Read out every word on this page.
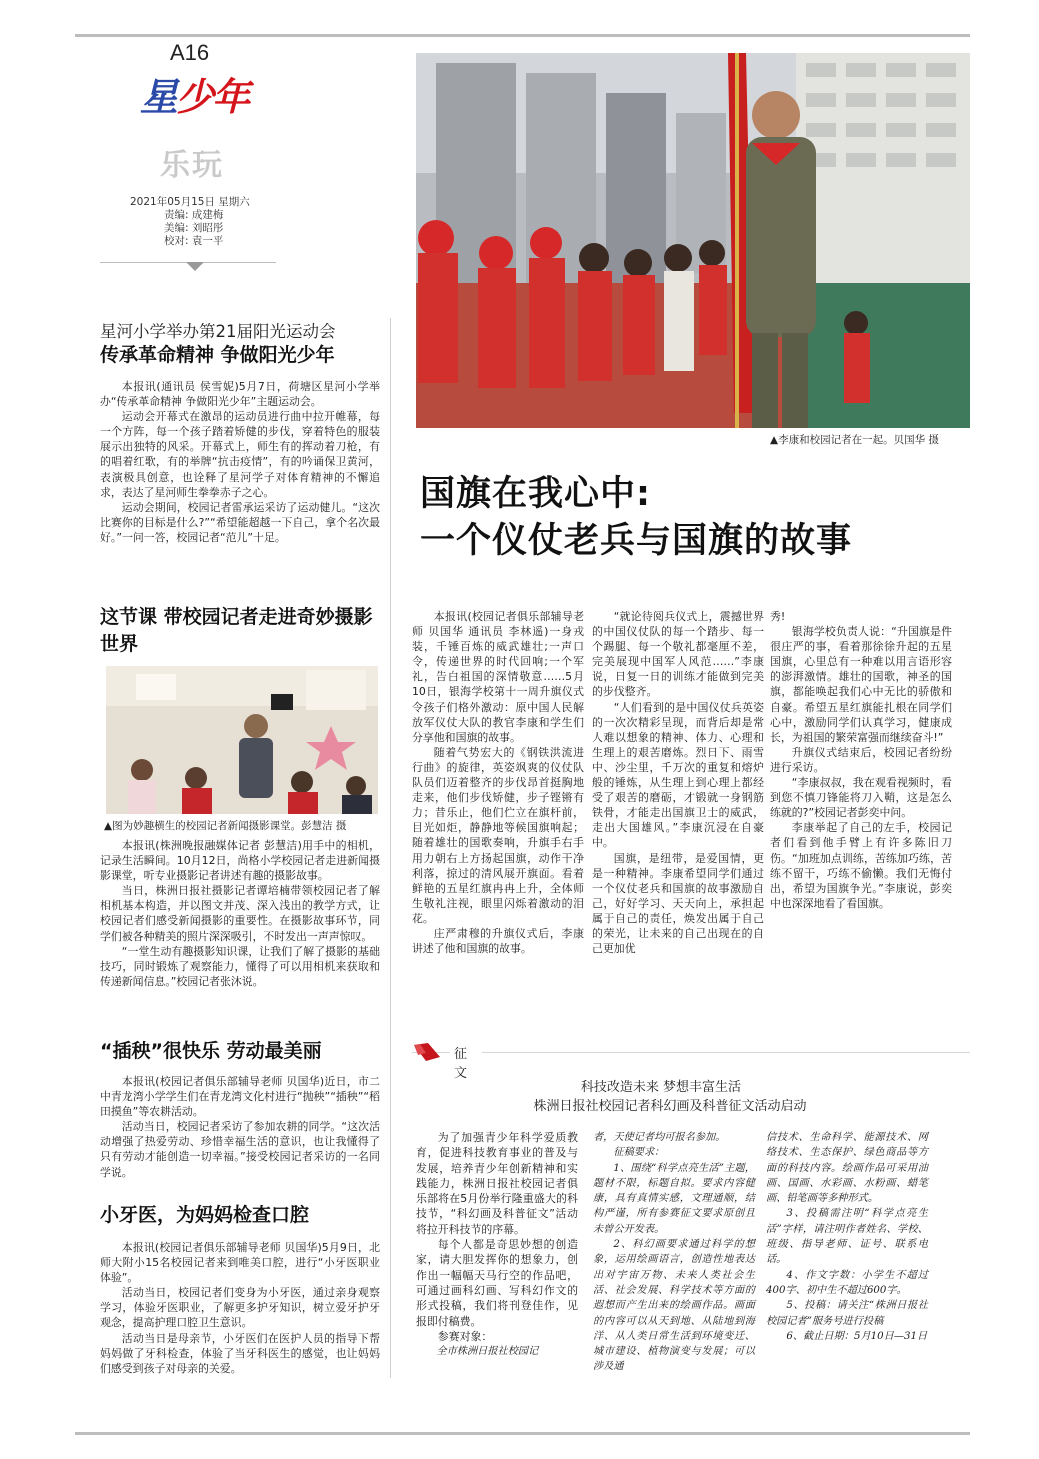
A16
星少年
乐玩
2021年05月15日 星期六
责编: 成建梅
美编: 刘昭彤
校对: 袁一平
星河小学举办第21届阳光运动会
传承革命精神 争做阳光少年

本报讯(通讯员 侯雪妮)5月7日，荷塘区星河小学举办“传承革命精神 争做阳光少年”主题运动会。

运动会开幕式在激昂的运动员进行曲中拉开帷幕，每一个方阵，每一个孩子踏着矫健的步伐，穿着特色的服装展示出独特的风采。开幕式上，师生有的挥动着刀枪，有的唱着红歌，有的举牌“抗击疫情”，有的吟诵保卫黄河，表演极具创意，也诠释了星河学子对体育精神的不懈追求，表达了星河师生拳拳赤子之心。

运动会期间，校园记者雷承运采访了运动健儿。“这次比赛你的目标是什么?”“希望能超越一下自己，拿个名次最好。”一问一答，校园记者“范儿”十足。

这节课 带校园记者走进奇妙摄影世界
▲图为妙趣横生的校园记者新闻摄影课堂。彭慧洁 摄

本报讯(株洲晚报融媒体记者 彭慧洁)用手中的相机，记录生活瞬间。10月12日，尚格小学校园记者走进新闻摄影课堂，听专业摄影记者讲述有趣的摄影故事。

当日，株洲日报社摄影记者谭培楠带领校园记者了解相机基本构造，并以图文并茂、深入浅出的教学方式，让校园记者们感受新闻摄影的重要性。在摄影故事环节，同学们被各种精美的照片深深吸引，不时发出一声声惊叹。

“一堂生动有趣摄影知识课，让我们了解了摄影的基础技巧，同时锻炼了观察能力，懂得了可以用相机来获取和传递新闻信息。”校园记者张沐说。

“插秧”很快乐 劳动最美丽

本报讯(校园记者俱乐部辅导老师 贝国华)近日，市二中青龙湾小学学生们在青龙湾文化村进行“抛秧”“插秧”“稻田摸鱼”等农耕活动。

活动当日，校园记者采访了参加农耕的同学。“这次活动增强了热爱劳动、珍惜幸福生活的意识，也让我懂得了只有劳动才能创造一切幸福。”接受校园记者采访的一名同学说。

小牙医，为妈妈检查口腔

本报讯(校园记者俱乐部辅导老师 贝国华)5月9日，北师大附小15名校园记者来到唯美口腔，进行“小牙医职业体验”。

活动当日，校园记者们变身为小牙医，通过亲身观察学习，体验牙医职业，了解更多护牙知识，树立爱牙护牙观念，提高护理口腔卫生意识。

活动当日是母亲节，小牙医们在医护人员的指导下帮妈妈做了牙科检查，体验了当牙科医生的感觉，也让妈妈们感受到孩子对母亲的关爱。

▲李康和校园记者在一起。贝国华 摄
国旗在我心中:
一个仪仗老兵与国旗的故事

本报讯(校园记者俱乐部辅导老师 贝国华 通讯员 李林遥)一身戎装，千锤百炼的威武雄壮;一声口令，传递世界的时代回响;一个军礼，告白祖国的深情敬意……5月10日，银海学校第十一周升旗仪式令孩子们格外激动：原中国人民解放军仪仗大队的教官李康和学生们分享他和国旗的故事。

随着气势宏大的《钢铁洪流进行曲》的旋律，英姿飒爽的仪仗队队员们迈着整齐的步伐昂首挺胸地走来，他们步伐矫健，步子铿锵有力；昔乐止，他们伫立在旗杆前，目光如炬，静静地等候国旗响起；随着雄壮的国歌奏响，升旗手右手用力朝右上方扬起国旗，动作干净利落，掠过的清风展开旗面。看着鲜艳的五星红旗冉冉上升，全体师生敬礼注视，眼里闪烁着激动的泪花。

庄严肃穆的升旗仪式后，李康讲述了他和国旗的故事。

“就论待阅兵仪式上，震撼世界的中国仪仗队的每一个踏步、每一个踢腿、每一个敬礼都毫厘不差，完美展现中国军人风范……”李康说，日复一日的训练才能做到完美的步伐整齐。

“人们看到的是中国仪仗兵英姿的一次次精彩呈现，而背后却是常人难以想象的精神、体力、心理和生理上的艰苦磨炼。烈日下、雨雪中、沙尘里，千万次的重复和熔炉般的锤炼，从生理上到心理上都经受了艰苦的磨砺，才锻就一身钢筋铁骨，才能走出国旗卫士的威武，走出大国雄风。”李康沉浸在自豪中。

国旗，是纽带，是爱国情，更是一种精神。李康希望同学们通过一个仪仗老兵和国旗的故事激励自己，好好学习、天天向上，承担起属于自己的责任，焕发出属于自己的荣光，让未来的自己出现在的自己更加优

秀!

银海学校负责人说：“升国旗是件很庄严的事，看着那徐徐升起的五星国旗，心里总有一种难以用言语形容的澎湃激情。雄壮的国歌，神圣的国旗，都能唤起我们心中无比的骄傲和自豪。希望五星红旗能扎根在同学们心中，激励同学们认真学习，健康成长，为祖国的繁荣富强而继续奋斗!”

升旗仪式结束后，校园记者纷纷进行采访。

“李康叔叔，我在观看视频时，看到您不慎刀锋能将刀入鞘，这是怎么练就的?”校园记者彭奕中问。

李康举起了自己的左手，校园记者们看到他手臂上有许多陈旧刀伤。“加班加点训练，苦练加巧练，苦练不留干，巧练不偷懒。我们无悔付出，希望为国旗争光。”李康说，彭奕中也深深地看了看国旗。

征文
科技改造未来 梦想丰富生活
株洲日报社校园记者科幻画及科普征文活动启动

为了加强青少年科学爱质教育，促进科技教育事业的普及与发展，培养青少年创新精神和实践能力，株洲日报社校园记者俱乐部将在5月份举行隆重盛大的科技节，“科幻画及科普征文”活动将拉开科技节的序幕。

每个人都是奇思妙想的创造家，请大胆发挥你的想象力，创作出一幅幅天马行空的作品吧，可通过画科幻画、写科幻作文的形式投稿，我们将刊登佳作，见报即付稿费。

参赛对象：

全市株洲日报社校园记

者，天使记者均可报名参加。

征稿要求：

1、围绕“科学点亮生活”主题，题材不限，标题自拟。要求内容健康，具有真情实感，文理通顺，结构严谨，所有参赛征文要求原创且未曾公开发表。

2、科幻画要求通过科学的想象，运用绘画语言，创造性地表达出对宇宙万物、未来人类社会生活、社会发展、科学技术等方面的遐想而产生出来的绘画作品。画面的内容可以从天到地、从陆地到海洋、从人类日常生活到环境变迁、城市建设、植物演变与发展；可以涉及通

信技术、生命科学、能源技术、网络技术、生态保护、绿色商品等方面的科技内容。绘画作品可采用油画、国画、水彩画、水粉画、蜡笔画、铅笔画等多种形式。

3、投稿需注明“科学点亮生活”字样，请注明作者姓名、学校、班级、指导老师、证号、联系电话。

4、作文字数：小学生不超过400字、初中生不超过600字。

5、投稿：请关注“株洲日报社校园记者”服务号进行投稿

6、截止日期：5月10日—31日
